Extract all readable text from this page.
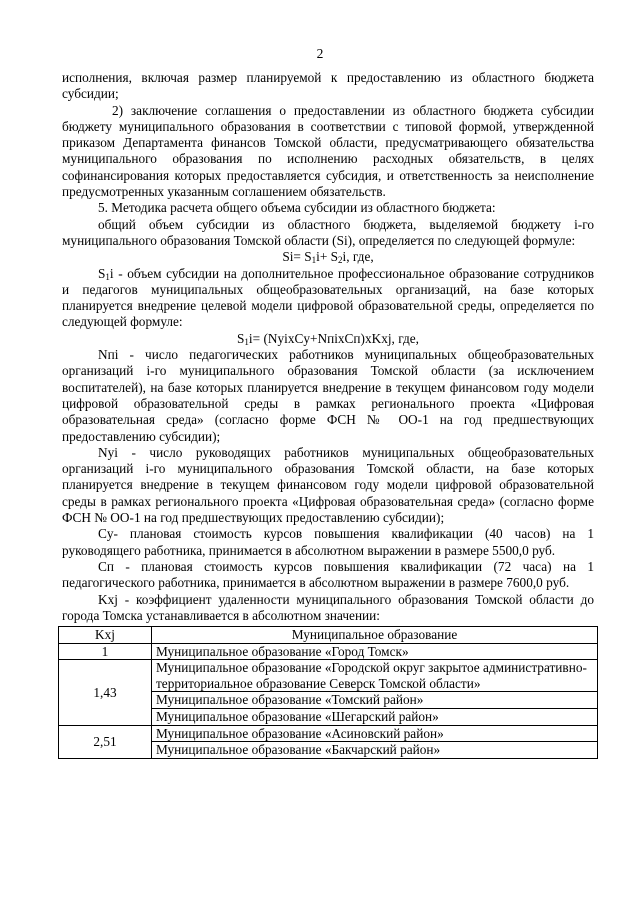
2

исполнения, включая размер планируемой к предоставлению из областного бюджета субсидии;

2) заключение соглашения о предоставлении из областного бюджета субсидии бюджету муниципального образования в соответствии с типовой формой, утвержденной приказом Департамента финансов Томской области, предусматривающего обязательства муниципального образования по исполнению расходных обязательств, в целях софинансирования которых предоставляется субсидия, и ответственность за неисполнение предусмотренных указанным соглашением обязательств.

5. Методика расчета общего объема субсидии из областного бюджета:

общий объем субсидии из областного бюджета, выделяемой бюджету i-го муниципального образования Томской области (Si), определяется по следующей формуле:

$Si= S_1i+ S_2i$, где,

$S_1i$ - объем субсидии на дополнительное профессиональное образование сотрудников и педагогов муниципальных общеобразовательных организаций, на базе которых планируется внедрение целевой модели цифровой образовательной среды, определяется по следующей формуле:

$S_1i=$ (NуiхCу+NпiхCп)хKxj, где,

Nпi - число педагогических работников муниципальных общеобразовательных организаций i-го муниципального образования Томской области (за исключением воспитателей), на базе которых планируется внедрение в текущем финансовом году модели цифровой образовательной среды в рамках регионального проекта «Цифровая образовательная среда» (согласно форме ФСН № ОО-1 на год предшествующих предоставлению субсидии);

Nуi - число руководящих работников муниципальных общеобразовательных организаций i-го муниципального образования Томской области, на базе которых планируется внедрение в текущем финансовом году модели цифровой образовательной среды в рамках регионального проекта «Цифровая образовательная среда» (согласно форме ФСН № ОО-1 на год предшествующих предоставлению субсидии);

Cу- плановая стоимость курсов повышения квалификации (40 часов) на 1 руководящего работника, принимается в абсолютном выражении в размере 5500,0 руб.

Cп - плановая стоимость курсов повышения квалификации (72 часа) на 1 педагогического работника, принимается в абсолютном выражении в размере 7600,0 руб.

Kxj - коэффициент удаленности муниципального образования Томской области до города Томска устанавливается в абсолютном значении:

Kxj	Муниципальное образование
1	Муниципальное образование «Город Томск»
1,43	Муниципальное образование «Городской округ закрытое административно-территориальное образование Северск Томской области»
	Муниципальное образование «Томский район»
	Муниципальное образование «Шегарский район»
2,51	Муниципальное образование «Асиновский район»
	Муниципальное образование «Бакчарский район»
